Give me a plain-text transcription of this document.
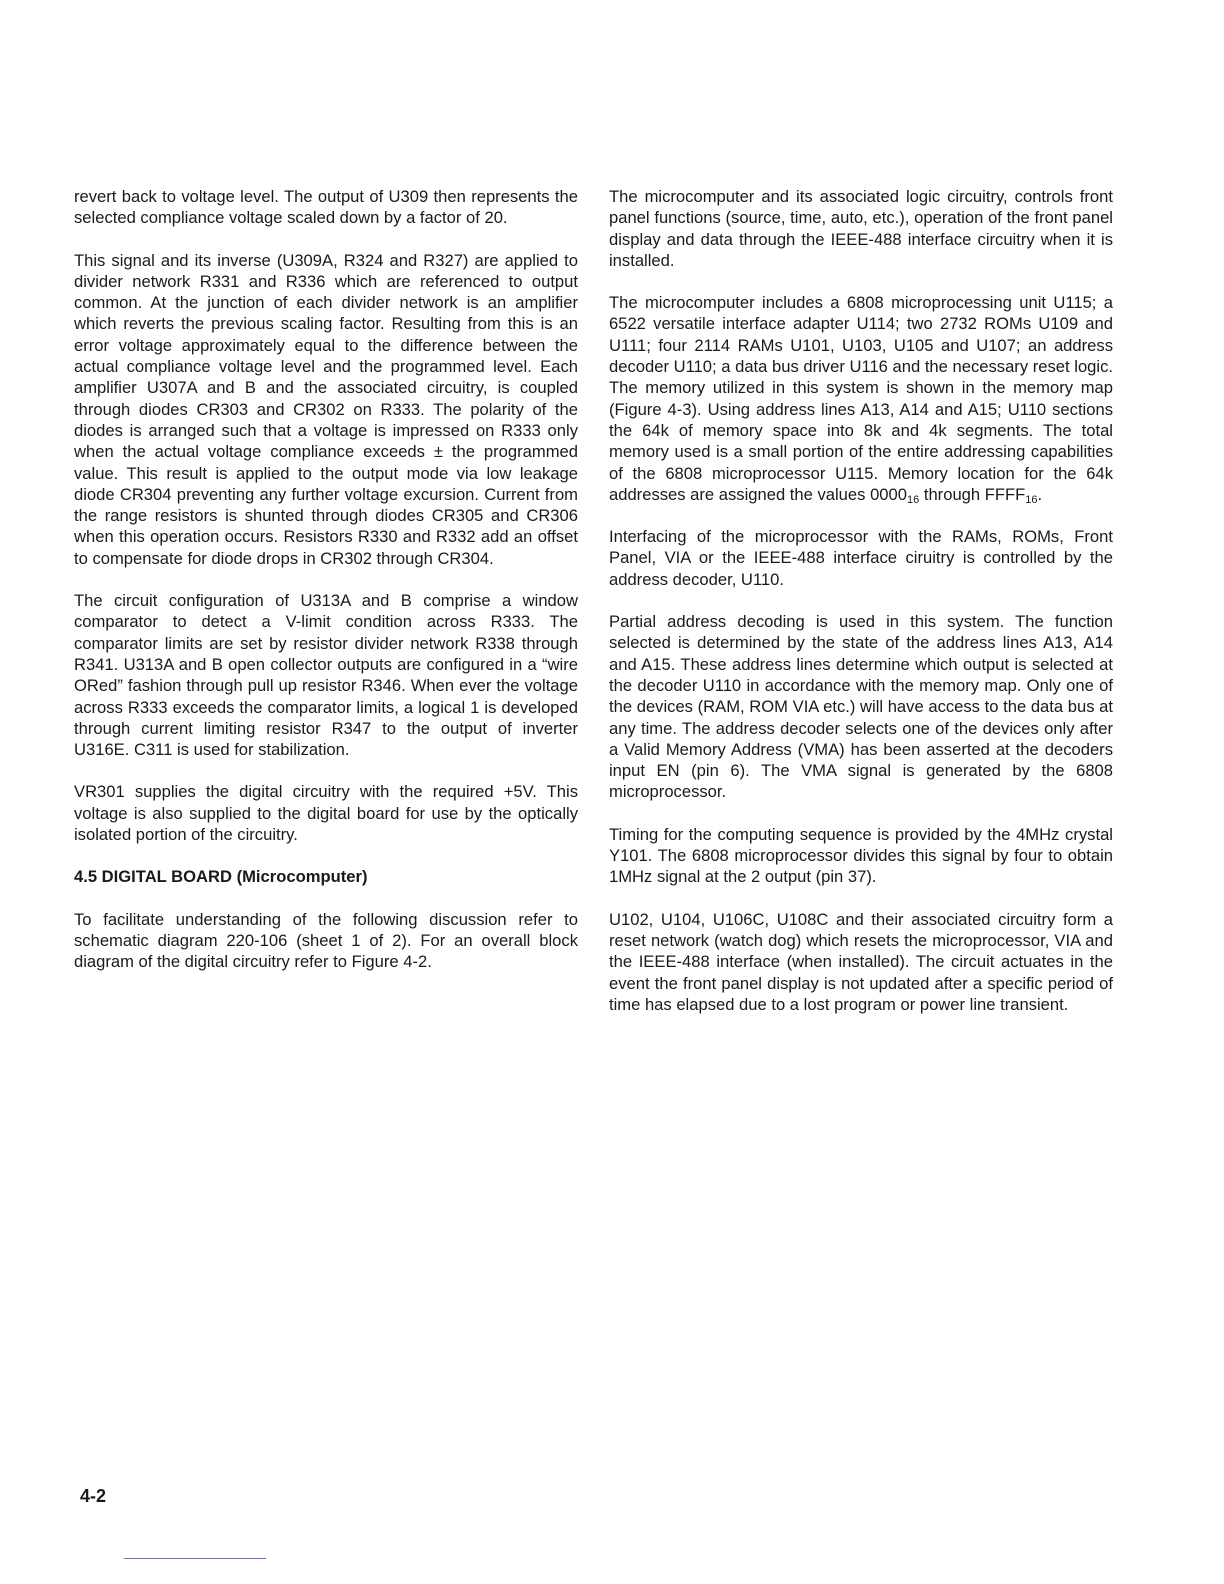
revert back to voltage level. The output of U309 then represents the selected compliance voltage scaled down by a factor of 20.

This signal and its inverse (U309A, R324 and R327) are applied to divider network R331 and R336 which are referenced to output common. At the junction of each divider network is an amplifier which reverts the previous scaling factor. Resulting from this is an error voltage approximately equal to the difference between the actual compliance voltage level and the programmed level. Each amplifier U307A and B and the associated circuitry, is coupled through diodes CR303 and CR302 on R333. The polarity of the diodes is arranged such that a voltage is impressed on R333 only when the actual voltage compliance exceeds ± the programmed value. This result is applied to the output mode via low leakage diode CR304 preventing any further voltage excursion. Current from the range resistors is shunted through diodes CR305 and CR306 when this operation occurs. Resistors R330 and R332 add an offset to compensate for diode drops in CR302 through CR304.

The circuit configuration of U313A and B comprise a window comparator to detect a V-limit condition across R333. The comparator limits are set by resistor divider network R338 through R341. U313A and B open collector outputs are configured in a “wire ORed” fashion through pull up resistor R346. When ever the voltage across R333 exceeds the comparator limits, a logical 1 is developed through current limiting resistor R347 to the output of inverter U316E. C311 is used for stabilization.

VR301 supplies the digital circuitry with the required +5V. This voltage is also supplied to the digital board for use by the optically isolated portion of the circuitry.

4.5 DIGITAL BOARD (Microcomputer)

To facilitate understanding of the following discussion refer to schematic diagram 220-106 (sheet 1 of 2). For an overall block diagram of the digital circuitry refer to Figure 4-2.

The microcomputer and its associated logic circuitry, controls front panel functions (source, time, auto, etc.), operation of the front panel display and data through the IEEE-488 interface circuitry when it is installed.

The microcomputer includes a 6808 microprocessing unit U115; a 6522 versatile interface adapter U114; two 2732 ROMs U109 and U111; four 2114 RAMs U101, U103, U105 and U107; an address decoder U110; a data bus driver U116 and the necessary reset logic. The memory utilized in this system is shown in the memory map (Figure 4-3). Using address lines A13, A14 and A15; U110 sections the 64k of memory space into 8k and 4k segments. The total memory used is a small portion of the entire addressing capabilities of the 6808 microprocessor U115. Memory location for the 64k addresses are assigned the values $0000_{16}$ through $FFFF_{16}$.

Interfacing of the microprocessor with the RAMs, ROMs, Front Panel, VIA or the IEEE-488 interface ciruitry is controlled by the address decoder, U110.

Partial address decoding is used in this system. The function selected is determined by the state of the address lines A13, A14 and A15. These address lines determine which output is selected at the decoder U110 in accordance with the memory map. Only one of the devices (RAM, ROM VIA etc.) will have access to the data bus at any time. The address decoder selects one of the devices only after a Valid Memory Address (VMA) has been asserted at the decoders input EN (pin 6). The VMA signal is generated by the 6808 microprocessor.

Timing for the computing sequence is provided by the 4MHz crystal Y101. The 6808 microprocessor divides this signal by four to obtain 1MHz signal at the 2 output (pin 37).

U102, U104, U106C, U108C and their associated circuitry form a reset network (watch dog) which resets the microprocessor, VIA and the IEEE-488 interface (when installed). The circuit actuates in the event the front panel display is not updated after a specific period of time has elapsed due to a lost program or power line transient.

4-2
